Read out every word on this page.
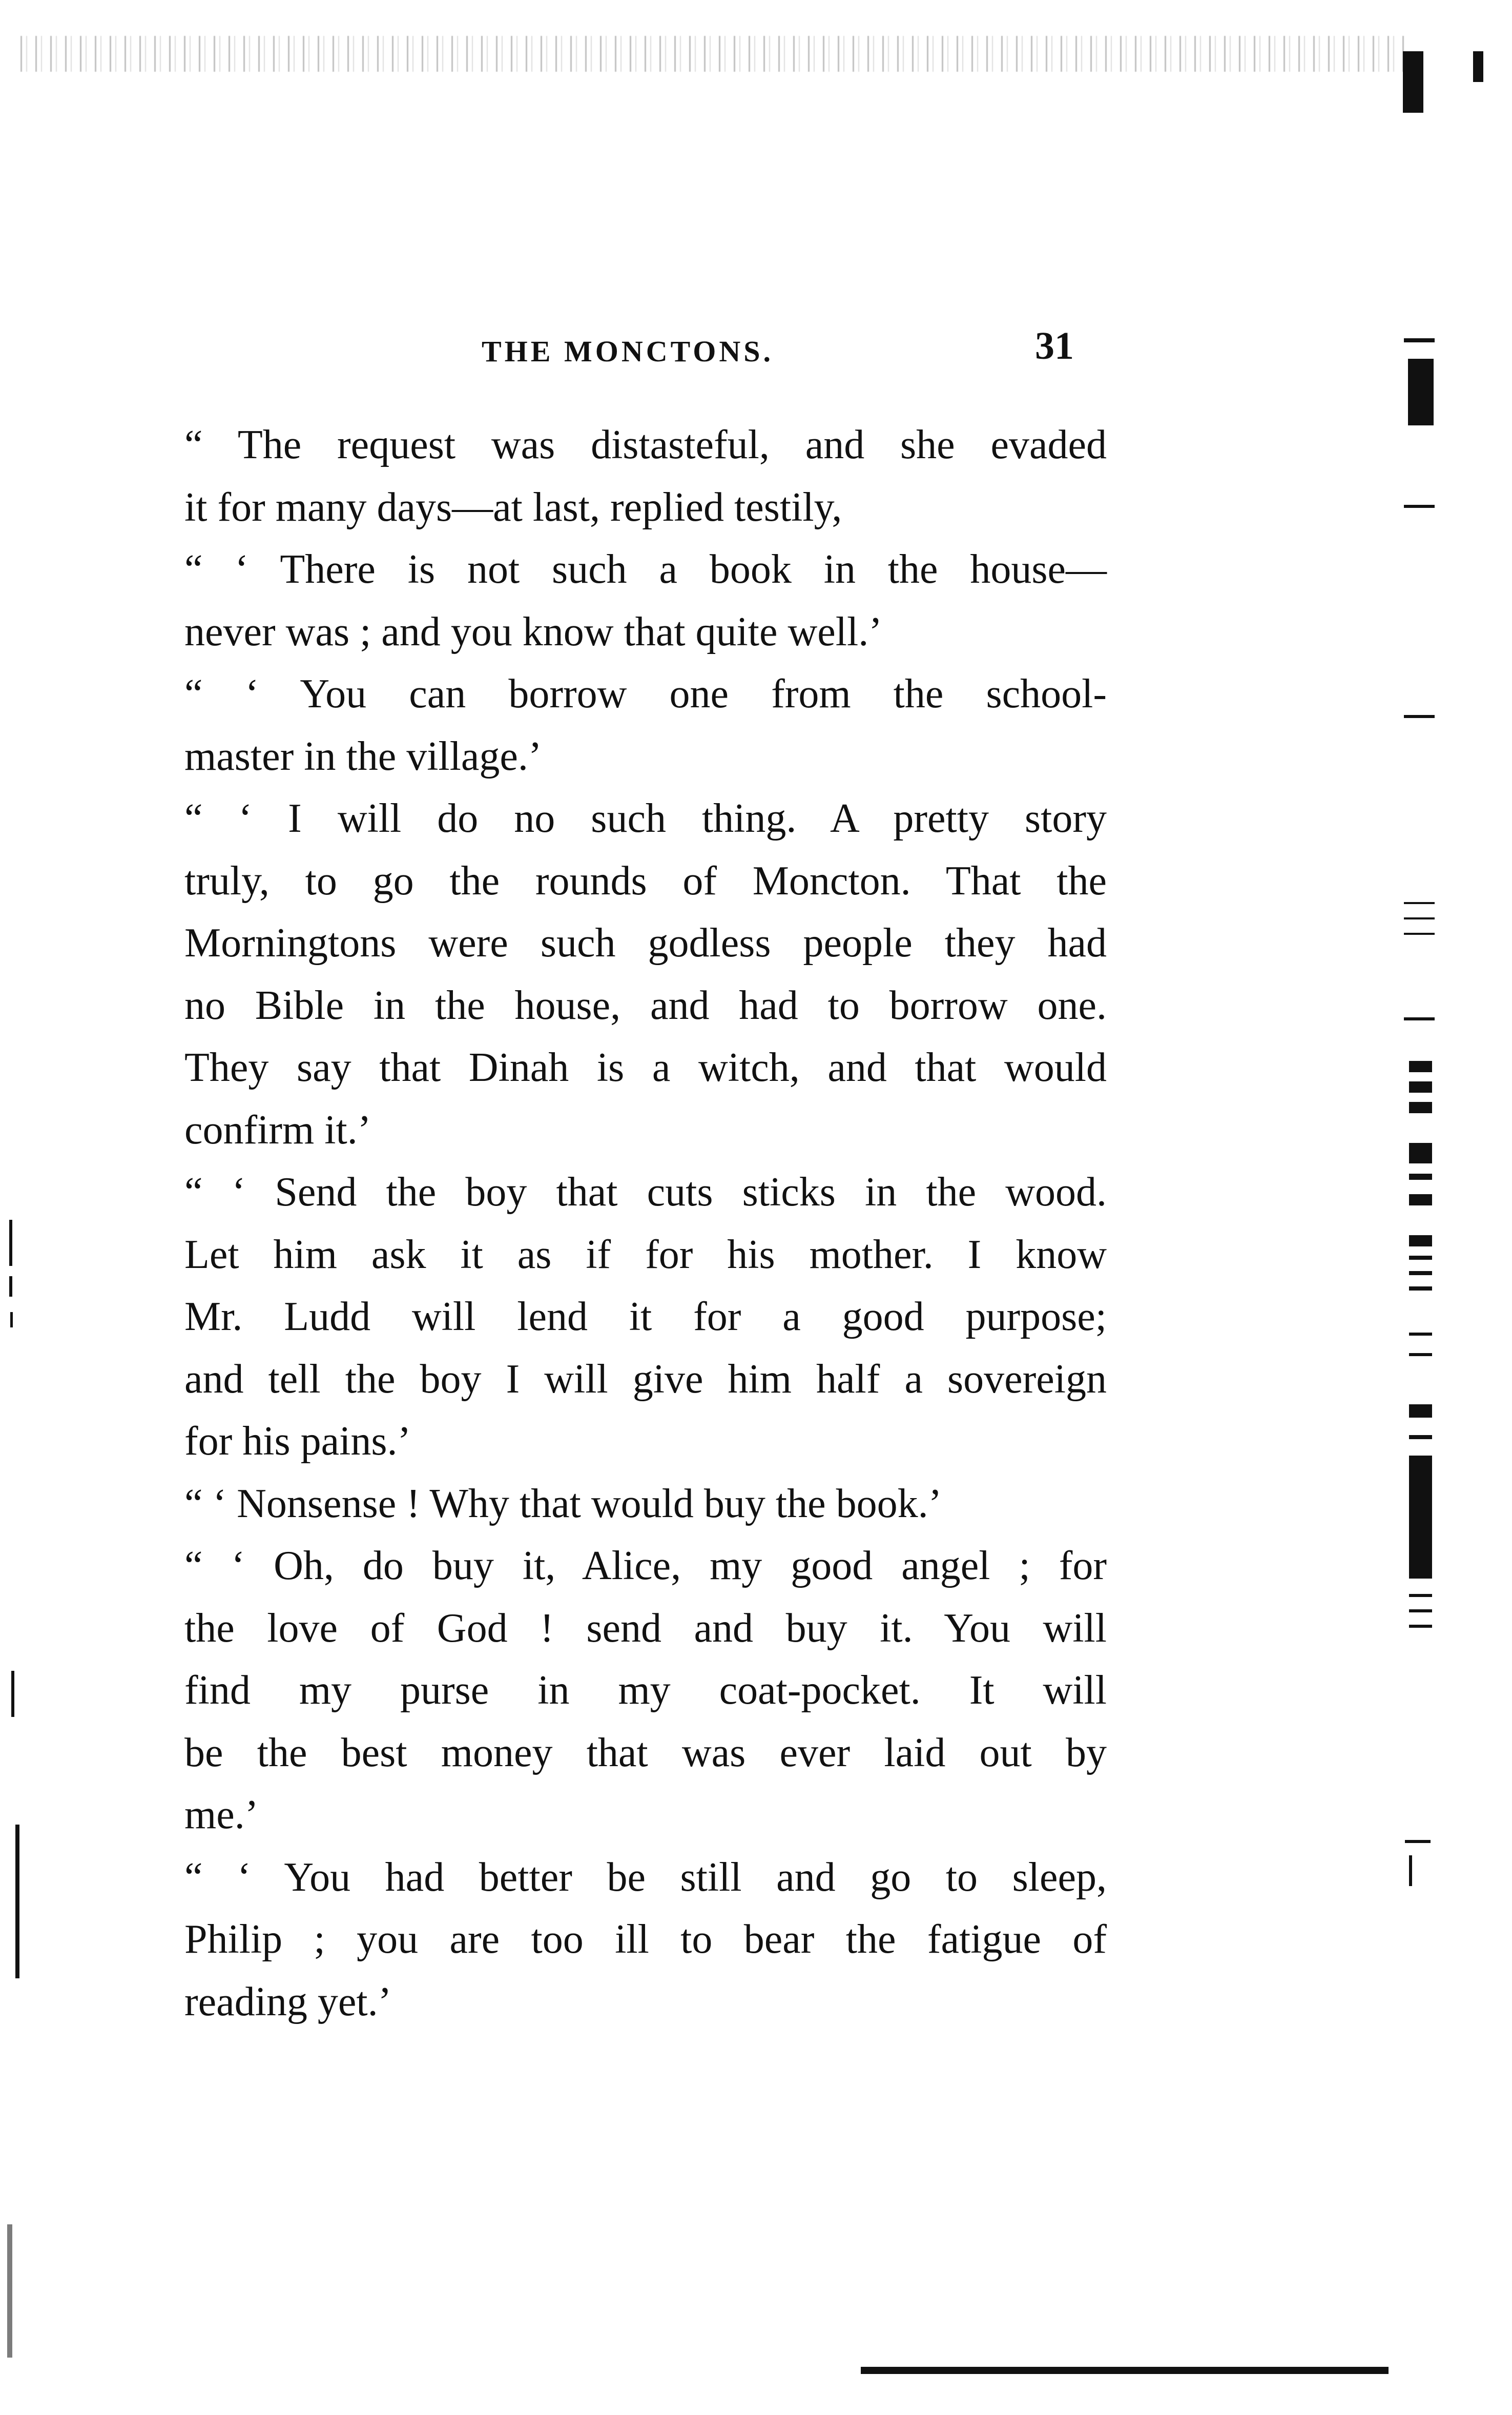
THE MONCTONS.	31
“ The request was distasteful, and she evaded
it for many days—at last, replied testily,
“ ‘ There is not such a book in the house—
never was ; and you know that quite well.’
“ ‘ You can borrow one from the school-
master in the village.’
“ ‘ I will do no such thing. A pretty story
truly, to go the rounds of Moncton. That the
Morningtons were such godless people they had
no Bible in the house, and had to borrow one.
They say that Dinah is a witch, and that would
confirm it.’
“ ‘ Send the boy that cuts sticks in the wood.
Let him ask it as if for his mother. I know
Mr. Ludd will lend it for a good purpose;
and tell the boy I will give him half a sovereign
for his pains.’
“ ‘ Nonsense ! Why that would buy the book.’
“ ‘ Oh, do buy it, Alice, my good angel ; for
the love of God ! send and buy it. You will
find my purse in my coat-pocket. It will
be the best money that was ever laid out by
me.’
“ ‘ You had better be still and go to sleep,
Philip ; you are too ill to bear the fatigue of
reading yet.’
